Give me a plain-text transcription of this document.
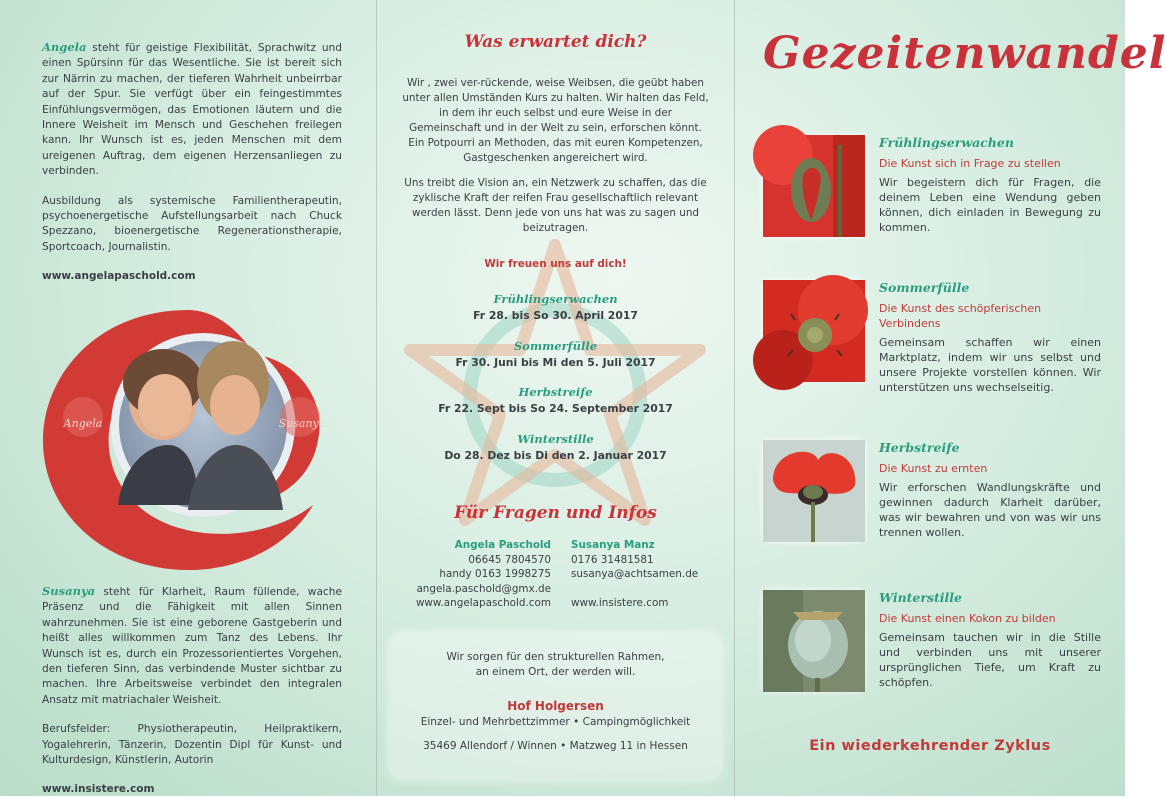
Angela steht für geistige Flexibilität, Sprachwitz und einen Spürsinn für das Wesentliche. Sie ist bereit sich zur Närrin zu machen, der tieferen Wahrheit unbeirrbar auf der Spur. Sie verfügt über ein feingestimmtes Einfühlungsvermögen, das Emotionen läutern und die Innere Weisheit im Mensch und Geschehen freilegen kann. Ihr Wunsch ist es, jeden Menschen mit dem ureigenen Auftrag, dem eigenen Herzensanliegen zu verbinden.

Ausbildung als systemische Familientherapeutin, psychoenergetische Aufstellungsarbeit nach Chuck Spezzano, bioenergetische Regenerationstherapie, Sportcoach, Journalistin.

www.angelapaschold.com
Angela	Susanya

Susanya steht für Klarheit, Raum füllende, wache Präsenz und die Fähigkeit mit allen Sinnen wahrzunehmen. Sie ist eine geborene Gastgeberin und heißt alles willkommen zum Tanz des Lebens. Ihr Wunsch ist es, durch ein Prozessorientiertes Vorgehen, den tieferen Sinn, das verbindende Muster sichtbar zu machen. Ihre Arbeitsweise verbindet den integralen Ansatz mit matriachaler Weisheit.

Berufsfelder: Physiotherapeutin, Heilpraktikern, Yogalehrerin, Tänzerin, Dozentin Dipl für Kunst- und Kulturdesign, Künstlerin, Autorin

www.insistere.com
Was erwartet dich?
Wir , zwei ver-rückende, weise Weibsen, die geübt haben unter allen Umständen Kurs zu halten. Wir halten das Feld, in dem ihr euch selbst und eure Weise in der Gemeinschaft und in der Welt zu sein, erforschen könnt. Ein Potpourri an Methoden, das mit euren Kompetenzen, Gastgeschenken angereichert wird.
Uns treibt die Vision an, ein Netzwerk zu schaffen, das die zyklische Kraft der reifen Frau gesellschaftlich relevant werden lässt. Denn jede von uns hat was zu sagen und beizutragen.
Wir freuen uns auf dich!
Frühlingserwachen
Fr 28. bis So 30. April 2017
Sommerfülle
Fr 30. Juni bis Mi den 5. Juli 2017
Herbstreife
Fr 22. Sept bis So 24. September 2017
Winterstille
Do 28. Dez bis Di den 2. Januar 2017
Für Fragen und Infos
Angela Paschold
06645 7804570
handy 0163 1998275
angela.paschold@gmx.de
www.angelapaschold.com
Susanya Manz
0176 31481581
susanya@achtsamen.de
www.insistere.com
Wir sorgen für den strukturellen Rahmen, an einem Ort, der werden will.
Hof Holgersen
Einzel- und Mehrbettzimmer • Campingmöglichkeit
35469 Allendorf / Winnen • Matzweg 11 in Hessen
Gezeitenwandel
Frühlingserwachen
Die Kunst sich in Frage zu stellen
Wir begeistern dich für Fragen, die deinem Leben eine Wendung geben können, dich einladen in Bewegung zu kommen.
Sommerfülle
Die Kunst des schöpferischen Verbindens
Gemeinsam schaffen wir einen Marktplatz, indem wir uns selbst und unsere Projekte vorstellen können. Wir unterstützen uns wechselseitig.
Herbstreife
Die Kunst zu ernten
Wir erforschen Wandlungskräfte und gewinnen dadurch Klarheit darüber, was wir bewahren und von was wir uns trennen wollen.
Winterstille
Die Kunst einen Kokon zu bilden
Gemeinsam tauchen wir in die Stille und verbinden uns mit unserer ursprünglichen Tiefe, um Kraft zu schöpfen.
Ein wiederkehrender Zyklus
